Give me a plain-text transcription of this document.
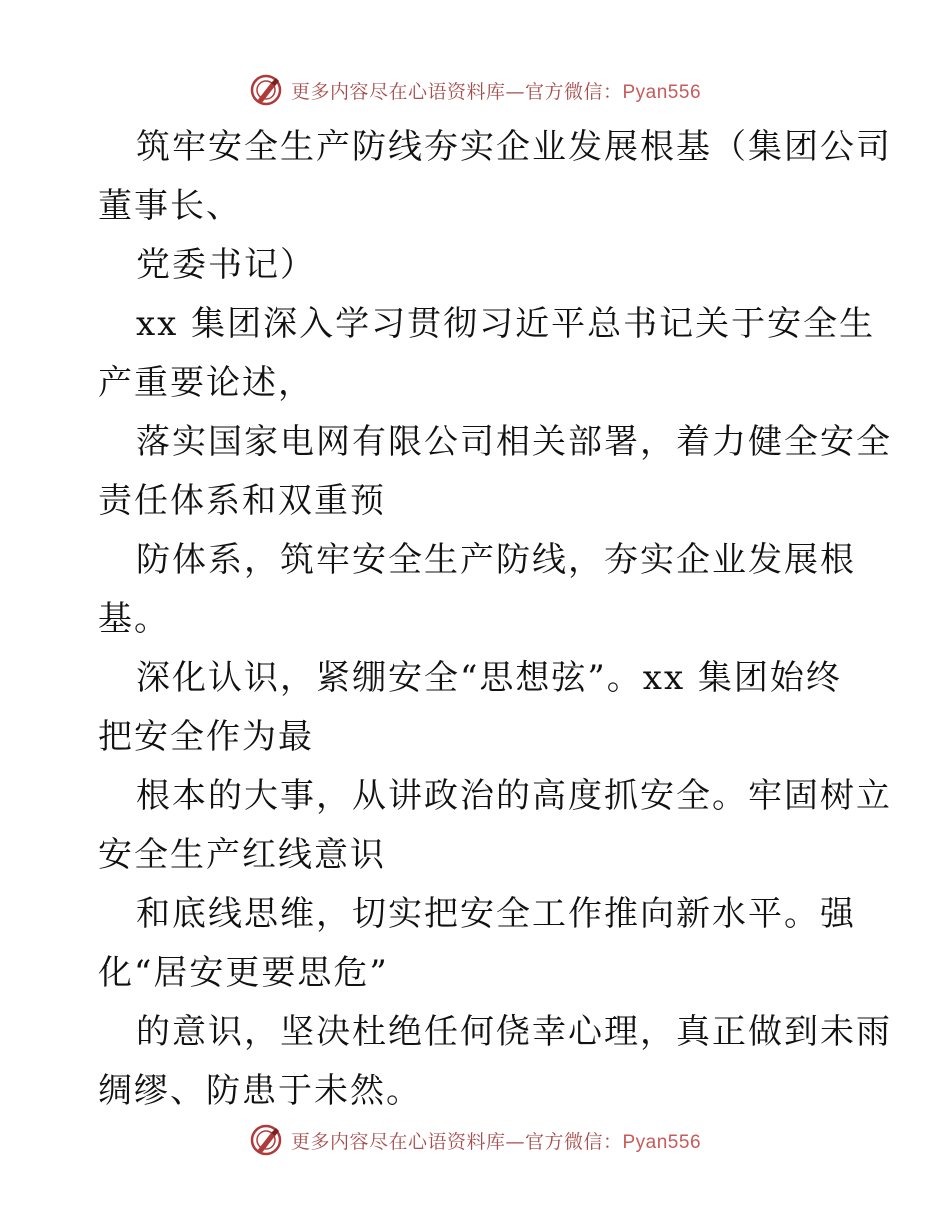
更多内容尽在心语资料库—官方微信：Pyan556
筑牢安全生产防线夯实企业发展根基（集团公司
董事长、
党委书记）
xx 集团深入学习贯彻习近平总书记关于安全生
产重要论述，
落实国家电网有限公司相关部署，着力健全安全
责任体系和双重预
防体系，筑牢安全生产防线，夯实企业发展根
基。
深化认识，紧绷安全“思想弦”。xx 集团始终
把安全作为最
根本的大事，从讲政治的高度抓安全。牢固树立
安全生产红线意识
和底线思维，切实把安全工作推向新水平。强
化“居安更要思危”
的意识，坚决杜绝任何侥幸心理，真正做到未雨
绸缪、防患于未然。
更多内容尽在心语资料库—官方微信：Pyan556
